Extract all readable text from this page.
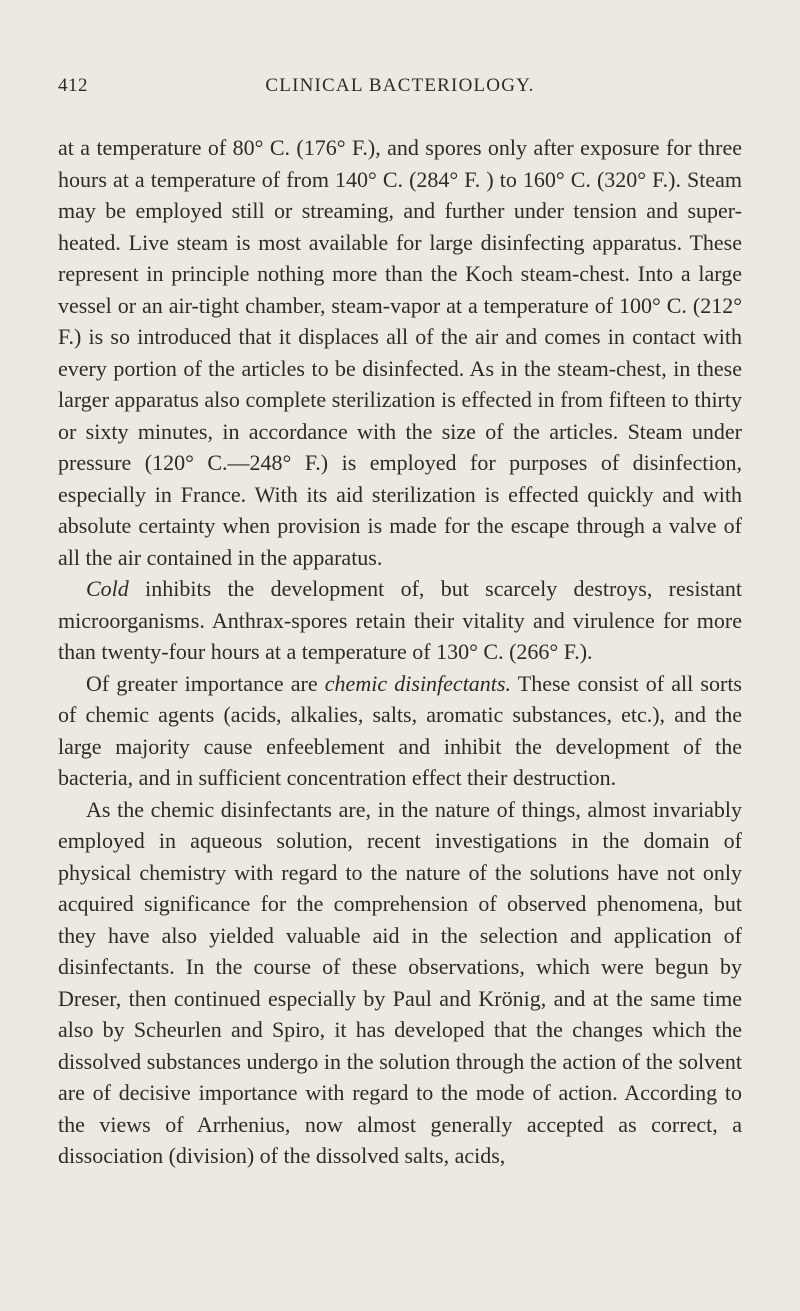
412	CLINICAL BACTERIOLOGY.

at a temperature of 80° C. (176° F.), and spores only after exposure for three hours at a temperature of from 140° C. (284° F. ) to 160° C. (320° F.). Steam may be employed still or streaming, and further under tension and super-heated. Live steam is most available for large disinfecting apparatus. These represent in principle nothing more than the Koch steam-chest. Into a large vessel or an air-tight chamber, steam-vapor at a temperature of 100° C. (212° F.) is so introduced that it displaces all of the air and comes in contact with every portion of the articles to be disinfected. As in the steam-chest, in these larger apparatus also complete sterilization is effected in from fifteen to thirty or sixty minutes, in accordance with the size of the articles. Steam under pressure (120° C.—248° F.) is employed for purposes of disinfection, especially in France. With its aid sterilization is effected quickly and with absolute certainty when provision is made for the escape through a valve of all the air contained in the apparatus.

Cold inhibits the development of, but scarcely destroys, resistant microorganisms. Anthrax-spores retain their vitality and virulence for more than twenty-four hours at a temperature of 130° C. (266° F.).

Of greater importance are chemic disinfectants. These consist of all sorts of chemic agents (acids, alkalies, salts, aromatic substances, etc.), and the large majority cause enfeeblement and inhibit the development of the bacteria, and in sufficient concentration effect their destruction.

As the chemic disinfectants are, in the nature of things, almost invariably employed in aqueous solution, recent investigations in the domain of physical chemistry with regard to the nature of the solutions have not only acquired significance for the comprehension of observed phenomena, but they have also yielded valuable aid in the selection and application of disinfectants. In the course of these observations, which were begun by Dreser, then continued especially by Paul and Krönig, and at the same time also by Scheurlen and Spiro, it has developed that the changes which the dissolved substances undergo in the solution through the action of the solvent are of decisive importance with regard to the mode of action. According to the views of Arrhenius, now almost generally accepted as correct, a dissociation (division) of the dissolved salts, acids,
